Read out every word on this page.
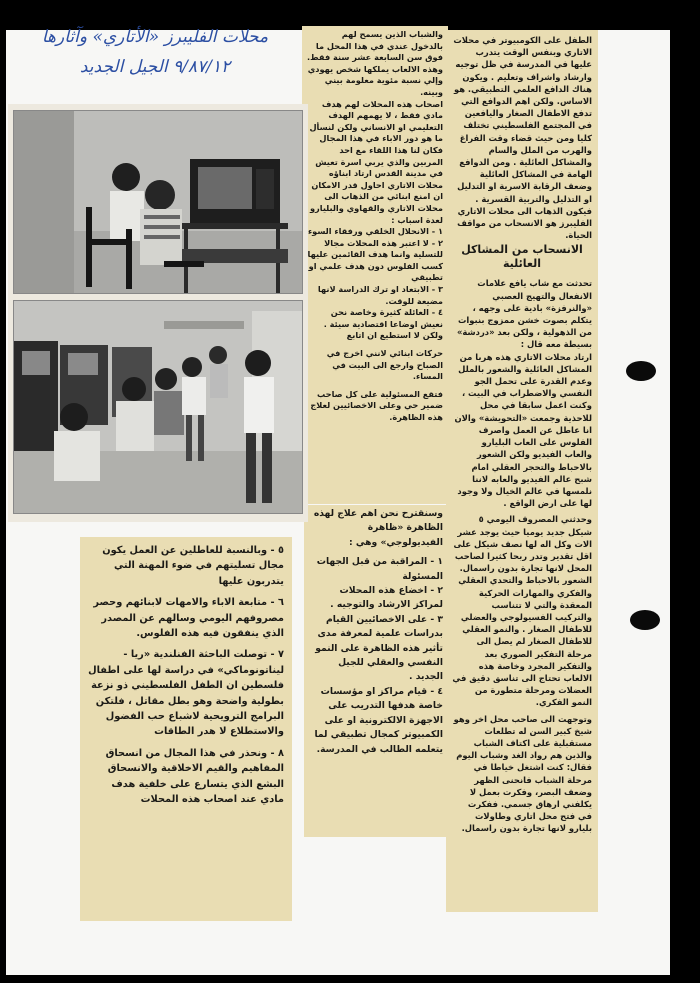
محلات الفليبرز «الأتاري» وآثارها
٩/٨٧/١٢ الجيل الجديد

الطفل على الكومبيوتر في محلات الاتاري وبنفس الوقت يتدرب عليها في المدرسة في ظل توجيه وارشاد واشراف وتعليم . ويكون هناك الدافع العلمي التطبيقي. هو الاساس. ولكن اهم الدوافع التي تدفع الاطفال الصغار واليافعين في المجتمع الفلسطيني تختلف كليا ومن حيث قضاء وقت الفراغ والهرب من الملل والسام والمشاكل العائلية . ومن الدوافع الهامة في المشاكل العائلية وضعف الرقابة الاسرية او التدليل او التذليل والتربية القسرية . فيكون الذهاب الى محلات الاتاري الفليبرز هو الانسحاب من مواقف الحياة.

الانسحاب من المشاكل العائلية

تحدثت مع شاب يافع علامات الانفعال والتهيج العصبي «والنرفزة» بادية على وجهه ، يتكلم بصوت خشن ممزوج بنبوات من الذهولية ، ولكن بعد «دردشة» بسيطة معه قال :

ارتاد محلات الاتاري هذه هربا من المشاكل العائلية والشعور بالملل وعدم القدرة على تحمل الجو النفسي والاضطراب في البيت ، وكنت اعمل سابقا في محل للاحذية وجمعت «التحويشة» والان انا عاطل عن العمل واصرف الفلوس على العاب البليارو والعاب الفيديو ولكن الشعور بالاحباط والتحجر العقلي امام شبح عالم الفيديو والعابه لاننا نلمسها في عالم الخيال ولا وجود لها على ارض الواقع .

وحدثني المصروف اليومي ٥ شيكل جديد يوميا حيث يوجد عشر الات وكل اله لها نصف شيكل على اقل تقدير وتدر ربحا كثيرا لصاحب المحل لانها تجارة بدون راسمال.

الشعور بالاحباط والتحدي العقلي والفكري والمهارات الحركية المعقدة والتي لا تتناسب والتركيب الفسيولوجي والعضلي للاطفال الصغار . والنمو العقلي للاطفال الصغار لم يصل الى مرحلة التفكير الصوري بعد والتفكير المجرد وخاصة هذه الالعاب تحتاج الى تناسق دقيق في العضلات ومرحلة متطورة من النمو الفكري.

وتوجهت الى صاحب محل اخر وهو شيخ كبير السن له تطلعات مستقبلية على اكتاف الشباب والذين هم رواد الغد وشباب اليوم فقال: كنت اشتغل خياطا في مرحلة الشباب فانحنى الظهر وضعف البصر، وفكرت بعمل لا يكلفني ارهاق جسمي. ففكرت في فتح محل اتاري وطاولات بليارو لانها تجارة بدون راسمال.

والشباب الذين يسمح لهم بالدخول عندي في هذا المحل ما فوق سن السابعة عشر سنة فقط. وهذه الالعاب يملكها شخص يهودي وإلي نسبة مئوية معلومة بيني وبينه.

اصحاب هذه المحلات لهم هدف مادي فقط ، لا يهمهم الهدف التعليمي او الانساني ولكن لنسأل ما هو دور الاباء في هذا المجال فكان لنا هذا اللقاء مع احد المربين والذي يربي اسرة تعيش في مدينة القدس ارتاد ابناؤه محلات الاتاري احاول قدر الامكان ان امنع ابنائي من الذهاب الى محلات الاتاري والقهاوي والبليارو لعدة اسباب :

١ - الانحلال الخلقي ورفقاء السوء

٢ - لا اعتبر هذه المحلات مجالا للتسلية وانما هدف القائمين عليها كسب الفلوس دون هدف علمي او تطبيقي

٣ - الابتعاد او ترك الدراسة لانها مضيعة للوقت.

٤ - العائلة كثيرة وخاصة نحن نعيش اوضاعا اقتصادية سيئة . ولكن لا استطيع ان اتابع

حركات ابنائي لانني اخرج في الصباح وارجع الى البيت في المساء.

فتقع المسئولية على كل صاحب ضمير حي وعلى الاخصائيين لعلاج هذه الظاهرة.

وسنقترح نحن اهم علاج لهذه الظاهرة «ظاهرة الفيديولوجي» وهي :

١ - المراقبة من قبل الجهات المسئولة

٢ - اخضاع هذه المحلات لمراكز الارشاد والتوجيه .

٣ - على الاخصائيين القيام بدراسات علمية لمعرفة مدى تأثير هذه الظاهرة على النمو النفسي والعقلي للجيل الجديد .

٤ - قيام مراكز او مؤسسات خاصة هدفها التدريب على الاجهزة الالكترونية او على الكمبيوتر كمجال تطبيقي لما يتعلمه الطالب في المدرسة.

٥ - وبالنسبة للعاطلين عن العمل يكون مجال تسليتهم في ضوء المهنة التي يتدربون عليها

٦ - متابعة الاباء والامهات لابنائهم وحصر مصروفهم اليومي وسالهم عن المصدر الذي ينفقون فيه هذه الفلوس.

٧ - توصلت الباحثة الفنلندية «ريا - ليناتونوماكي» في دراسة لها على اطفال فلسطين ان الطفل الفلسطيني ذو نزعة بطولية واضحة وهو بطل مقاتل ، فلتكن البرامج الترويحية لاشباع حب الفضول والاستطلاع لا هدر الطاقات

٨ - ونحذر في هذا المجال من انسحاق المفاهيم والقيم الاخلاقية والانسحاق البشع الذي يتسارع على خلفية هدف مادي عند اصحاب هذه المحلات
